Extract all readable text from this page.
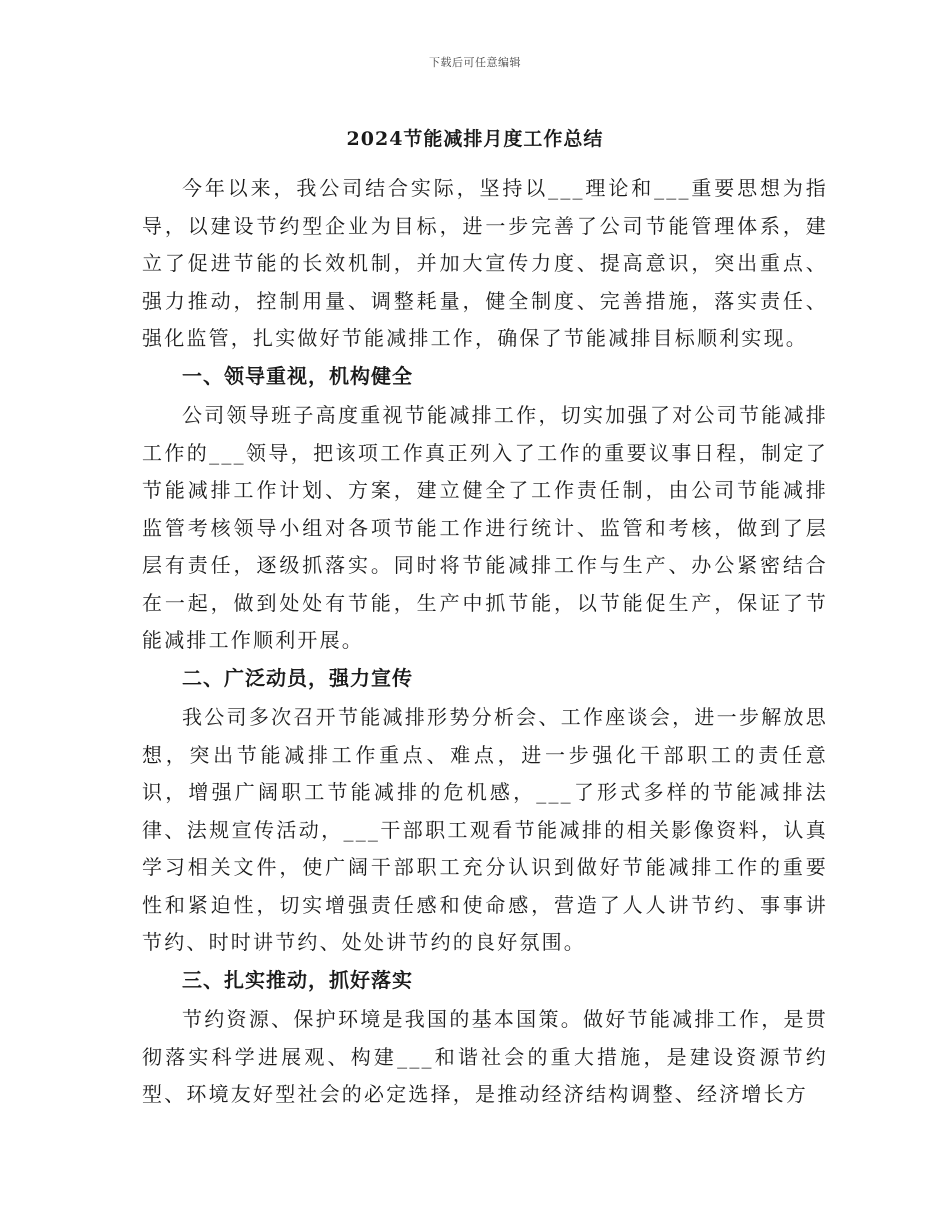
下载后可任意编辑
2024节能减排月度工作总结

今年以来，我公司结合实际，坚持以___理论和___重要思想为指导，以建设节约型企业为目标，进一步完善了公司节能管理体系，建立了促进节能的长效机制，并加大宣传力度、提高意识，突出重点、强力推动，控制用量、调整耗量，健全制度、完善措施，落实责任、强化监管，扎实做好节能减排工作，确保了节能减排目标顺利实现。

一、领导重视，机构健全

公司领导班子高度重视节能减排工作，切实加强了对公司节能减排工作的___领导，把该项工作真正列入了工作的重要议事日程，制定了节能减排工作计划、方案，建立健全了工作责任制，由公司节能减排监管考核领导小组对各项节能工作进行统计、监管和考核，做到了层层有责任，逐级抓落实。同时将节能减排工作与生产、办公紧密结合在一起，做到处处有节能，生产中抓节能，以节能促生产，保证了节能减排工作顺利开展。

二、广泛动员，强力宣传

我公司多次召开节能减排形势分析会、工作座谈会，进一步解放思想，突出节能减排工作重点、难点，进一步强化干部职工的责任意识，增强广阔职工节能减排的危机感，___了形式多样的节能减排法律、法规宣传活动，___干部职工观看节能减排的相关影像资料，认真学习相关文件，使广阔干部职工充分认识到做好节能减排工作的重要性和紧迫性，切实增强责任感和使命感，营造了人人讲节约、事事讲节约、时时讲节约、处处讲节约的良好氛围。

三、扎实推动，抓好落实

节约资源、保护环境是我国的基本国策。做好节能减排工作，是贯彻落实科学进展观、构建___和谐社会的重大措施，是建设资源节约型、环境友好型社会的必定选择，是推动经济结构调整、经济增长方
